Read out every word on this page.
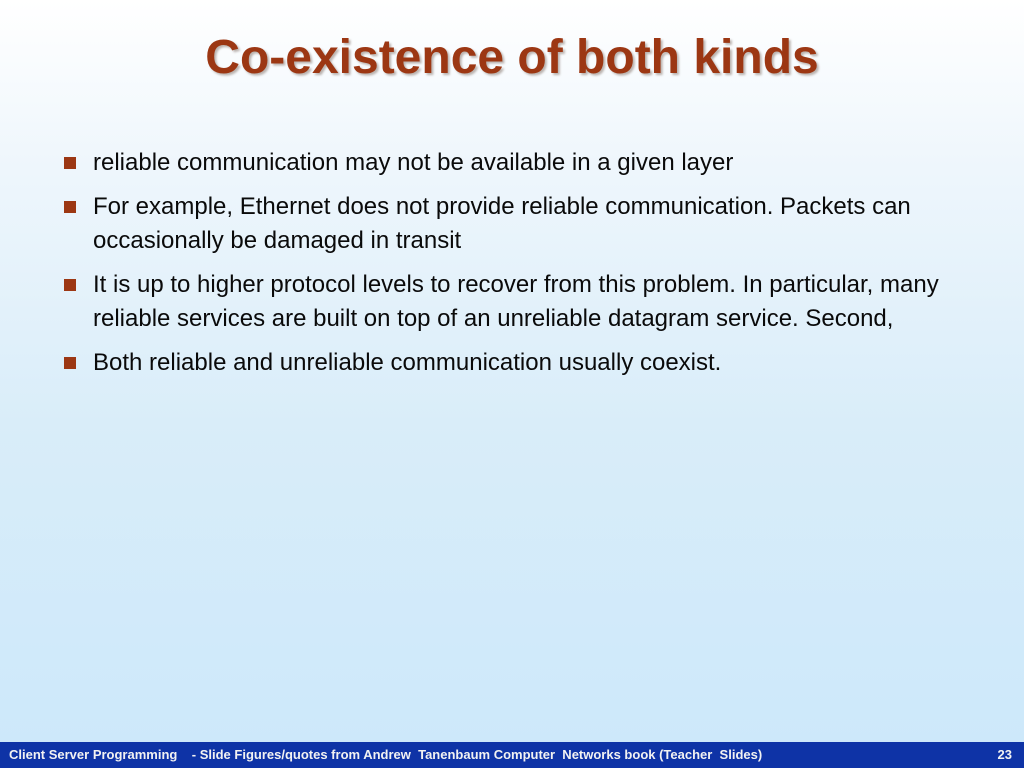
Co-existence of both kinds
reliable communication may not be available in a given layer
For example, Ethernet does not provide reliable communication. Packets can occasionally be damaged in transit
It is up to higher protocol levels to recover from this problem. In particular, many reliable services are built on top of an unreliable datagram service. Second,
Both reliable and unreliable communication usually coexist.
Client Server Programming    - Slide Figures/quotes from Andrew  Tanenbaum Computer  Networks book (Teacher  Slides)	23
